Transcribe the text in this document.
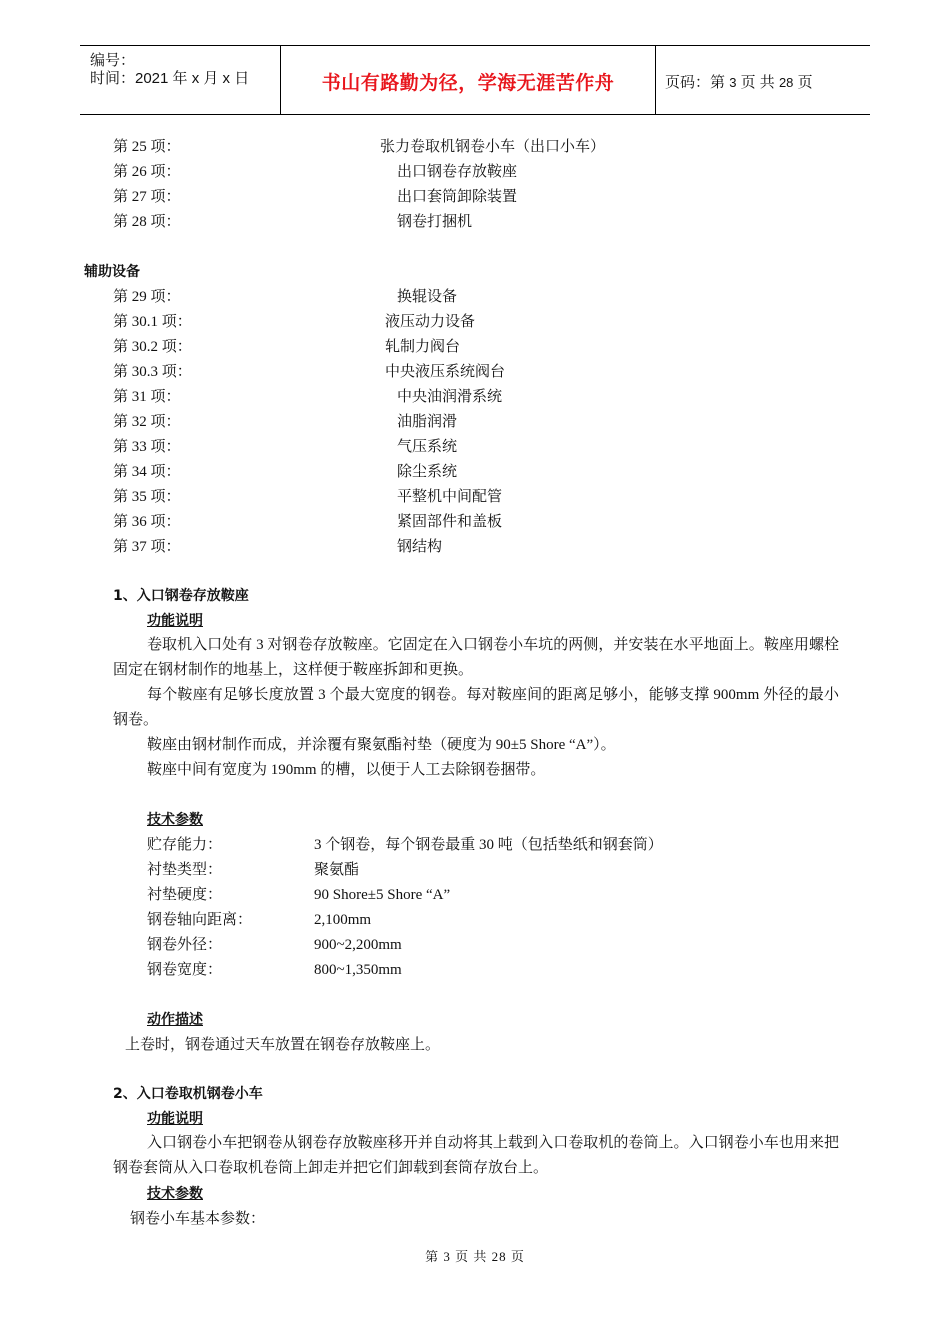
编号：
时间：2021 年 x 月 x 日	书山有路勤为径，学海无涯苦作舟	页码：第 3 页 共 28 页
第 25 项：	张力卷取机钢卷小车（出口小车）
第 26 项：	出口钢卷存放鞍座
第 27 项：	出口套筒卸除装置
第 28 项：	钢卷打捆机
辅助设备
第 29 项：	换辊设备
第 30.1 项：	液压动力设备
第 30.2 项：	轧制力阀台
第 30.3 项：	中央液压系统阀台
第 31 项：	中央油润滑系统
第 32 项：	油脂润滑
第 33 项：	气压系统
第 34 项：	除尘系统
第 35 项：	平整机中间配管
第 36 项：	紧固部件和盖板
第 37 项：	钢结构
1、入口钢卷存放鞍座
功能说明
卷取机入口处有 3 对钢卷存放鞍座。它固定在入口钢卷小车坑的两侧，并安装在水平地面上。鞍座用螺栓固定在钢材制作的地基上，这样便于鞍座拆卸和更换。
每个鞍座有足够长度放置 3 个最大宽度的钢卷。每对鞍座间的距离足够小，能够支撑 900mm 外径的最小钢卷。
鞍座由钢材制作而成，并涂覆有聚氨酯衬垫（硬度为 90±5 Shore “A”）。
鞍座中间有宽度为 190mm 的槽，以便于人工去除钢卷捆带。
技术参数
贮存能力：	3 个钢卷，每个钢卷最重 30 吨（包括垫纸和钢套筒）
衬垫类型：	聚氨酯
衬垫硬度：	90 Shore±5 Shore “A”
钢卷轴向距离：	2,100mm
钢卷外径：	900~2,200mm
钢卷宽度：	800~1,350mm
动作描述
上卷时，钢卷通过天车放置在钢卷存放鞍座上。
2、入口卷取机钢卷小车
功能说明
入口钢卷小车把钢卷从钢卷存放鞍座移开并自动将其上载到入口卷取机的卷筒上。入口钢卷小车也用来把钢卷套筒从入口卷取机卷筒上卸走并把它们卸载到套筒存放台上。
技术参数
钢卷小车基本参数：
第 3 页 共 28 页
